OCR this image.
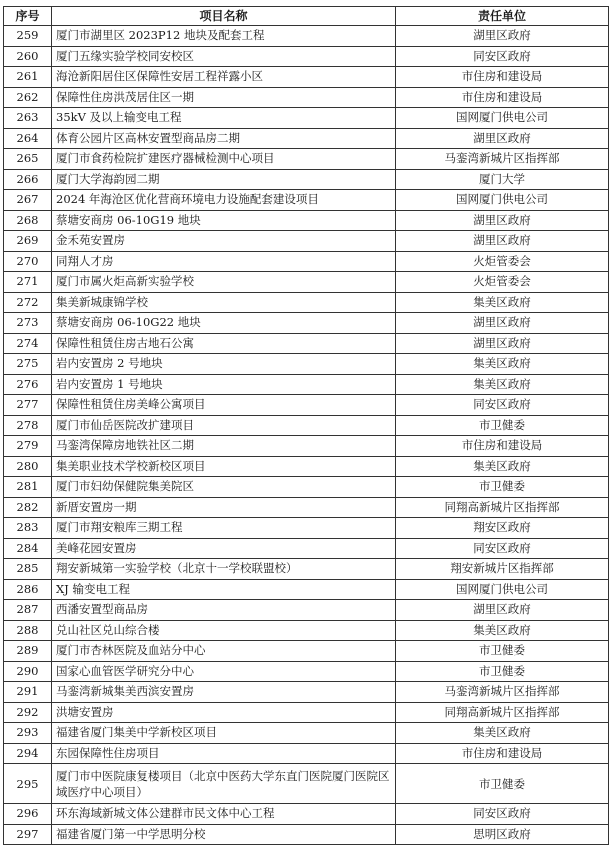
序号	项目名称	责任单位
259	厦门市湖里区 2023P12 地块及配套工程	湖里区政府
260	厦门五缘实验学校同安校区	同安区政府
261	海沧新阳居住区保障性安居工程祥露小区	市住房和建设局
262	保障性住房洪茂居住区一期	市住房和建设局
263	35kV 及以上输变电工程	国网厦门供电公司
264	体育公园片区高林安置型商品房二期	湖里区政府
265	厦门市食药检院扩建医疗器械检测中心项目	马銮湾新城片区指挥部
266	厦门大学海韵园二期	厦门大学
267	2024 年海沧区优化营商环境电力设施配套建设项目	国网厦门供电公司
268	蔡塘安商房 06-10G19 地块	湖里区政府
269	金禾苑安置房	湖里区政府
270	同翔人才房	火炬管委会
271	厦门市属火炬高新实验学校	火炬管委会
272	集美新城康锦学校	集美区政府
273	蔡塘安商房 06-10G22 地块	湖里区政府
274	保障性租赁住房古地石公寓	湖里区政府
275	岩内安置房 2 号地块	集美区政府
276	岩内安置房 1 号地块	集美区政府
277	保障性租赁住房美峰公寓项目	同安区政府
278	厦门市仙岳医院改扩建项目	市卫健委
279	马銮湾保障房地铁社区二期	市住房和建设局
280	集美职业技术学校新校区项目	集美区政府
281	厦门市妇幼保健院集美院区	市卫健委
282	新厝安置房一期	同翔高新城片区指挥部
283	厦门市翔安粮库三期工程	翔安区政府
284	美峰花园安置房	同安区政府
285	翔安新城第一实验学校（北京十一学校联盟校）	翔安新城片区指挥部
286	XJ 输变电工程	国网厦门供电公司
287	西潘安置型商品房	湖里区政府
288	兑山社区兑山综合楼	集美区政府
289	厦门市杏林医院及血站分中心	市卫健委
290	国家心血管医学研究分中心	市卫健委
291	马銮湾新城集美西滨安置房	马銮湾新城片区指挥部
292	洪塘安置房	同翔高新城片区指挥部
293	福建省厦门集美中学新校区项目	集美区政府
294	东园保障性住房项目	市住房和建设局
295	厦门市中医院康复楼项目（北京中医药大学东直门医院厦门医院区域医疗中心项目）	市卫健委
296	环东海域新城文体公建群市民文体中心工程	同安区政府
297	福建省厦门第一中学思明分校	思明区政府
